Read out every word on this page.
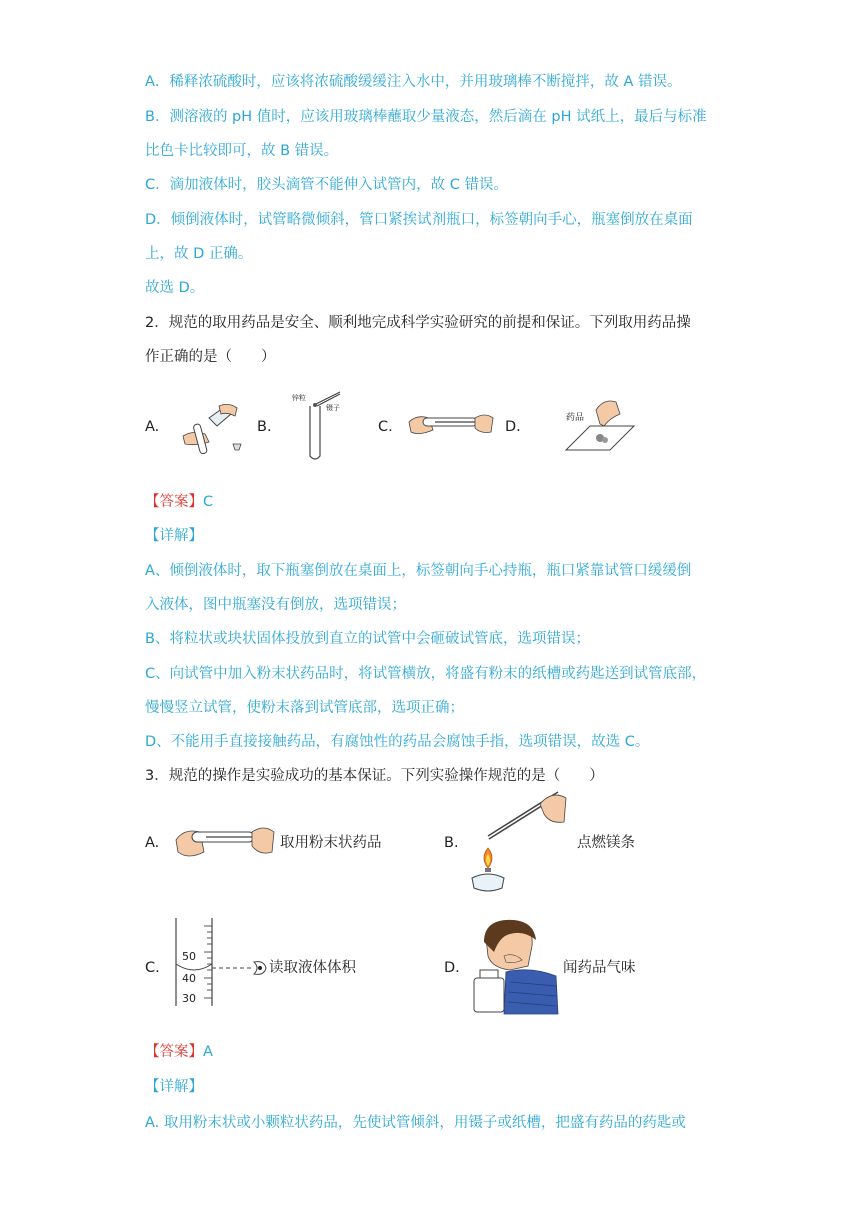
A．稀释浓硫酸时，应该将浓硫酸缓缓注入水中，并用玻璃棒不断搅拌，故 A 错误。
B．测溶液的 pH 值时，应该用玻璃棒蘸取少量液态，然后滴在 pH 试纸上，最后与标准
比色卡比较即可，故 B 错误。
C．滴加液体时，胶头滴管不能伸入试管内，故 C 错误。
D．倾倒液体时，试管略微倾斜，管口紧挨试剂瓶口，标签朝向手心，瓶塞倒放在桌面
上，故 D 正确。
故选 D。
2．规范的取用药品是安全、顺利地完成科学实验研究的前提和保证。下列取用药品操
作正确的是（　　）
A.	B.
锌粒
镊子
C.	D.
药品
【答案】C
【详解】
A、倾倒液体时，取下瓶塞倒放在桌面上，标签朝向手心持瓶，瓶口紧靠试管口缓缓倒
入液体，图中瓶塞没有倒放，选项错误；
B、将粒状或块状固体投放到直立的试管中会砸破试管底，选项错误；
C、向试管中加入粉末状药品时，将试管横放，将盛有粉末的纸槽或药匙送到试管底部，
慢慢竖立试管，使粉末落到试管底部，选项正确；
D、不能用手直接接触药品，有腐蚀性的药品会腐蚀手指，选项错误，故选 C。
3．规范的操作是实验成功的基本保证。下列实验操作规范的是（　　）
A.	取用粉末状药品	B.	点燃镁条
C.
50
40
30
读取液体体积	D.	闻药品气味
【答案】A
【详解】
A. 取用粉末状或小颗粒状药品，先使试管倾斜，用镊子或纸槽，把盛有药品的药匙或
